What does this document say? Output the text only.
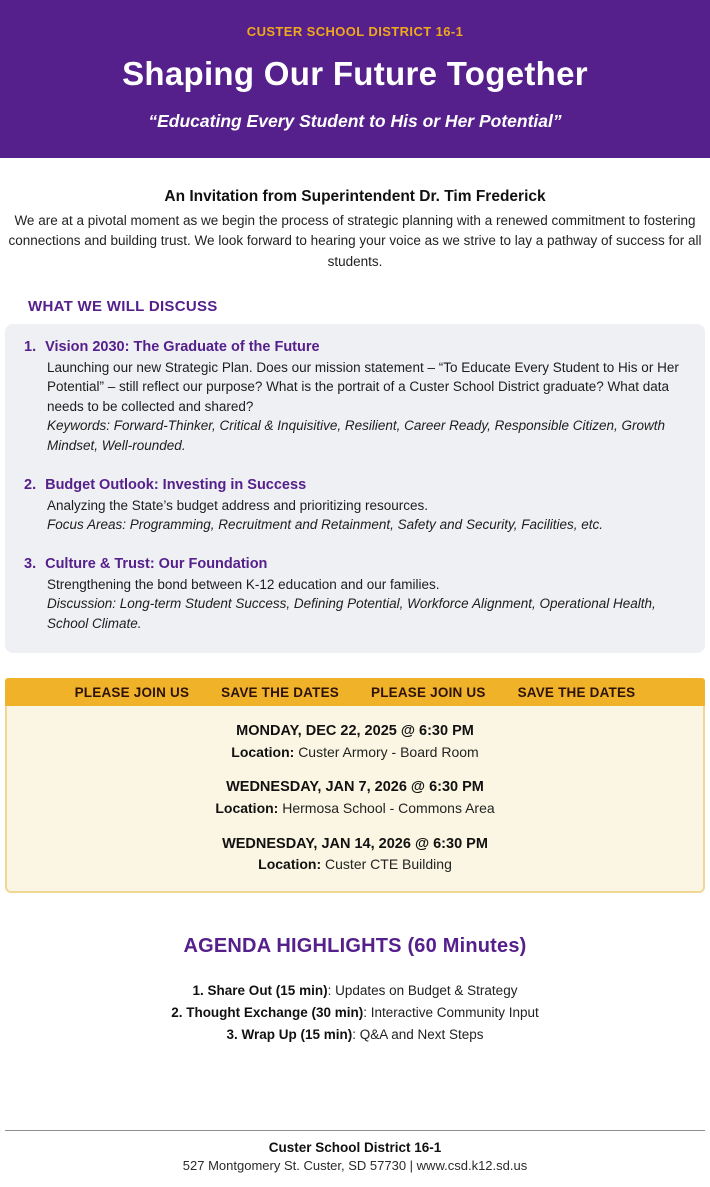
CUSTER SCHOOL DISTRICT 16-1
Shaping Our Future Together
“Educating Every Student to His or Her Potential”
An Invitation from Superintendent Dr. Tim Frederick

We are at a pivotal moment as we begin the process of strategic planning with a renewed commitment to fostering connections and building trust. We look forward to hearing your voice as we strive to lay a pathway of success for all students.

WHAT WE WILL DISCUSS
1. Vision 2030: The Graduate of the Future
Launching our new Strategic Plan. Does our mission statement – “To Educate Every Student to His or Her Potential” – still reflect our purpose? What is the portrait of a Custer School District graduate? What data needs to be collected and shared?
Keywords: Forward-Thinker, Critical & Inquisitive, Resilient, Career Ready, Responsible Citizen, Growth Mindset, Well-rounded.
2. Budget Outlook: Investing in Success
Analyzing the State’s budget address and prioritizing resources.
Focus Areas: Programming, Recruitment and Retainment, Safety and Security, Facilities, etc.
3. Culture & Trust: Our Foundation
Strengthening the bond between K-12 education and our families.
Discussion: Long-term Student Success, Defining Potential, Workforce Alignment, Operational Health, School Climate.
PLEASE JOIN US SAVE THE DATES PLEASE JOIN US SAVE THE DATES
MONDAY, DEC 22, 2025 @ 6:30 PM
Location: Custer Armory - Board Room
WEDNESDAY, JAN 7, 2026 @ 6:30 PM
Location: Hermosa School - Commons Area
WEDNESDAY, JAN 14, 2026 @ 6:30 PM
Location: Custer CTE Building
AGENDA HIGHLIGHTS (60 Minutes)
1. Share Out (15 min): Updates on Budget & Strategy
2. Thought Exchange (30 min): Interactive Community Input
3. Wrap Up (15 min): Q&A and Next Steps
Custer School District 16-1
527 Montgomery St. Custer, SD 57730 | www.csd.k12.sd.us
